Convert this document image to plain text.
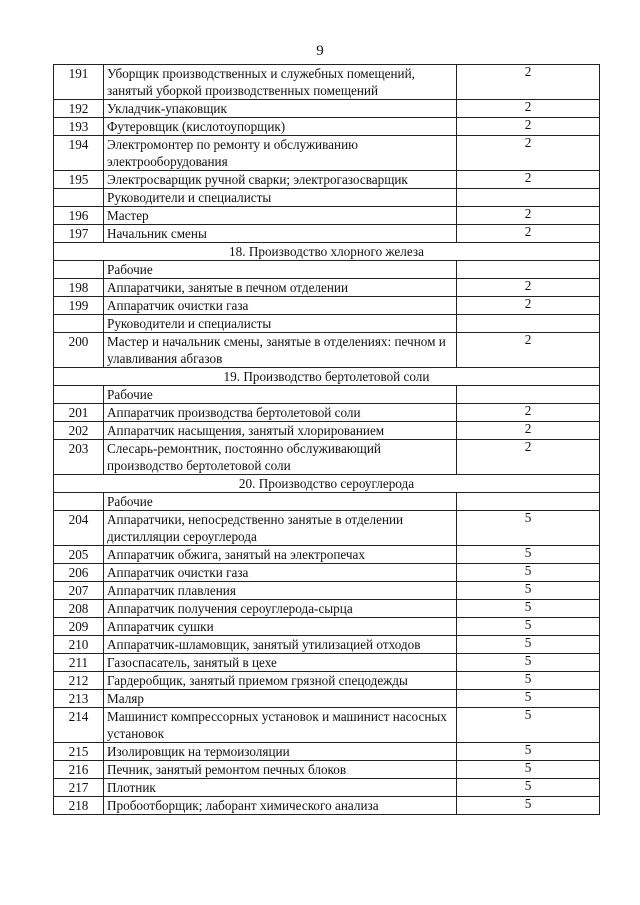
9
191	Уборщик производственных и служебных помещений, занятый уборкой производственных помещений	2
192	Укладчик-упаковщик	2
193	Футеровщик (кислотоупорщик)	2
194	Электромонтер по ремонту и обслуживанию электрооборудования	2
195	Электросварщик ручной сварки; электрогазосварщик	2
	Руководители и специалисты	
196	Мастер	2
197	Начальник смены	2
18. Производство хлорного железа		
	Рабочие	
198	Аппаратчики, занятые в печном отделении	2
199	Аппаратчик очистки газа	2
	Руководители и специалисты	
200	Мастер и начальник смены, занятые в отделениях: печном и улавливания абгазов	2
19. Производство бертолетовой соли		
	Рабочие	
201	Аппаратчик производства бертолетовой соли	2
202	Аппаратчик насыщения, занятый хлорированием	2
203	Слесарь-ремонтник, постоянно обслуживающий производство бертолетовой соли	2
20. Производство сероуглерода		
	Рабочие	
204	Аппаратчики, непосредственно занятые в отделении дистилляции сероуглерода	5
205	Аппаратчик обжига, занятый на электропечах	5
206	Аппаратчик очистки газа	5
207	Аппаратчик плавления	5
208	Аппаратчик получения сероуглерода-сырца	5
209	Аппаратчик сушки	5
210	Аппаратчик-шламовщик, занятый утилизацией отходов	5
211	Газоспасатель, занятый в цехе	5
212	Гардеробщик, занятый приемом грязной спецодежды	5
213	Маляр	5
214	Машинист компрессорных установок и машинист насосных установок	5
215	Изолировщик на термоизоляции	5
216	Печник, занятый ремонтом печных блоков	5
217	Плотник	5
218	Пробоотборщик; лаборант химического анализа	5
